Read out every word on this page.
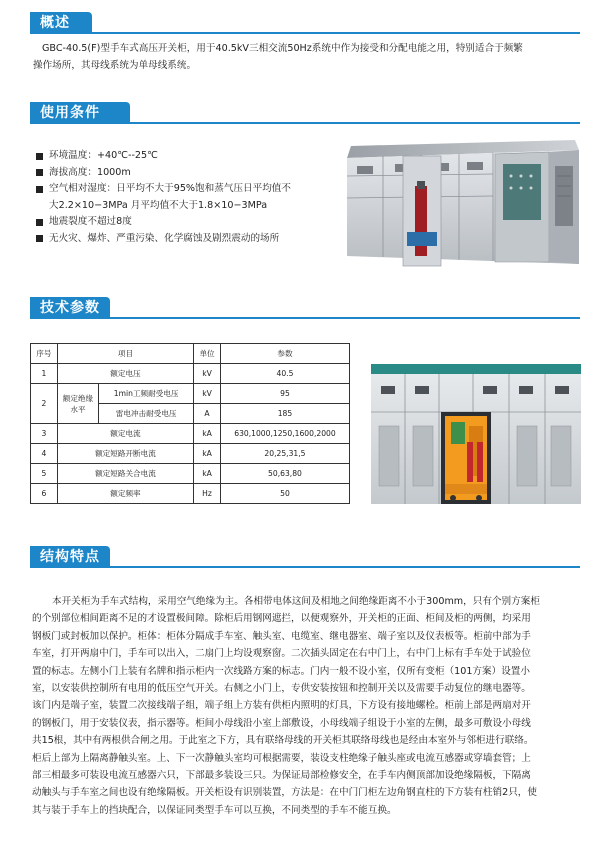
概述
GBC-40.5(F)型手车式高压开关柜，用于40.5kV三相交流50Hz系统中作为接受和分配电能之用，特别适合于频繁
操作场所，其母线系统为单母线系统。
使用条件
环境温度：+40℃--25℃
海拔高度：1000m
空气相对湿度：日平均不大于95%饱和蒸气压日平均值不
大2.2×10−3MPa 月平均值不大于1.8×10−3MPa
地震裂度不超过8度
无火灾、爆炸、严重污染、化学腐蚀及剧烈震动的场所
技术参数
序号	项目		单位	参数
1	额定电压		kV	40.5
2	额定绝缘水平	1min工频耐受电压	kV	95
		雷电冲击耐受电压	A	185
3	额定电流		kA	630,1000,1250,1600,2000
4	额定短路开断电流		kA	20,25,31,5
5	额定短路关合电流		kA	50,63,80
6	额定频率		Hz	50
结构特点
本开关柜为手车式结构，采用空气绝缘为主。各相带电体这间及相地之间绝缘距离不小于300mm，只有个别方案柜
的个别部位相间距离不足的才设置极间障。除柜后用钢网遮拦，以便观察外，开关柜的正面、柜间及柜的两侧，均采用
钢板门或封板加以保护。柜体：柜体分隔成手车室、触头室、电缆室、继电器室、端子室以及仪表板等。柜前中部为手
车室，打开两扇中门，手车可以出入，二扇门上均设观察窗。二次插头固定在右中门上，右中门上标有手车处于试验位
置的标志。左侧小门上装有名牌和指示柜内一次线路方案的标志。门内一般不设小室，仅所有变柜（101方案）设置小
室，以安装供控制所有电用的低压空气开关。右侧之小门上，专供安装按钮和控制开关以及需要手动复位的继电器等。
该门内是端子室，装置二次接线端子组，端子组上方装有供柜内照明的灯具，下方设有接地螺栓。柜前上部是两扇对开
的钢板门，用于安装仪表，指示器等。柜间小母线沿小室上部敷设，小母线端子组设于小室的左侧，最多可敷设小母线
共15根，其中有两根供合闸之用。于此室之下方，具有联络母线的开关柜其联络母线也是经由本室外与邻柜进行联络。
柜后上部为上隔离静触头室。上、下一次静触头室均可根据需要，装设支柱绝缘子触头座或电流互感器或穿墙套管；上
部三相最多可装设电流互感器六只，下部最多装设三只。为保证局部检修安全，在手车内侧顶部加设绝缘隔板，下隔离
动触头与手车室之间也设有绝缘隔板。开关柜设有识别装置，方法是：在中门门柜左边角钢直柱的下方装有柱销2只，使
其与装于手车上的挡块配合，以保证同类型手车可以互换，不同类型的手车不能互换。
